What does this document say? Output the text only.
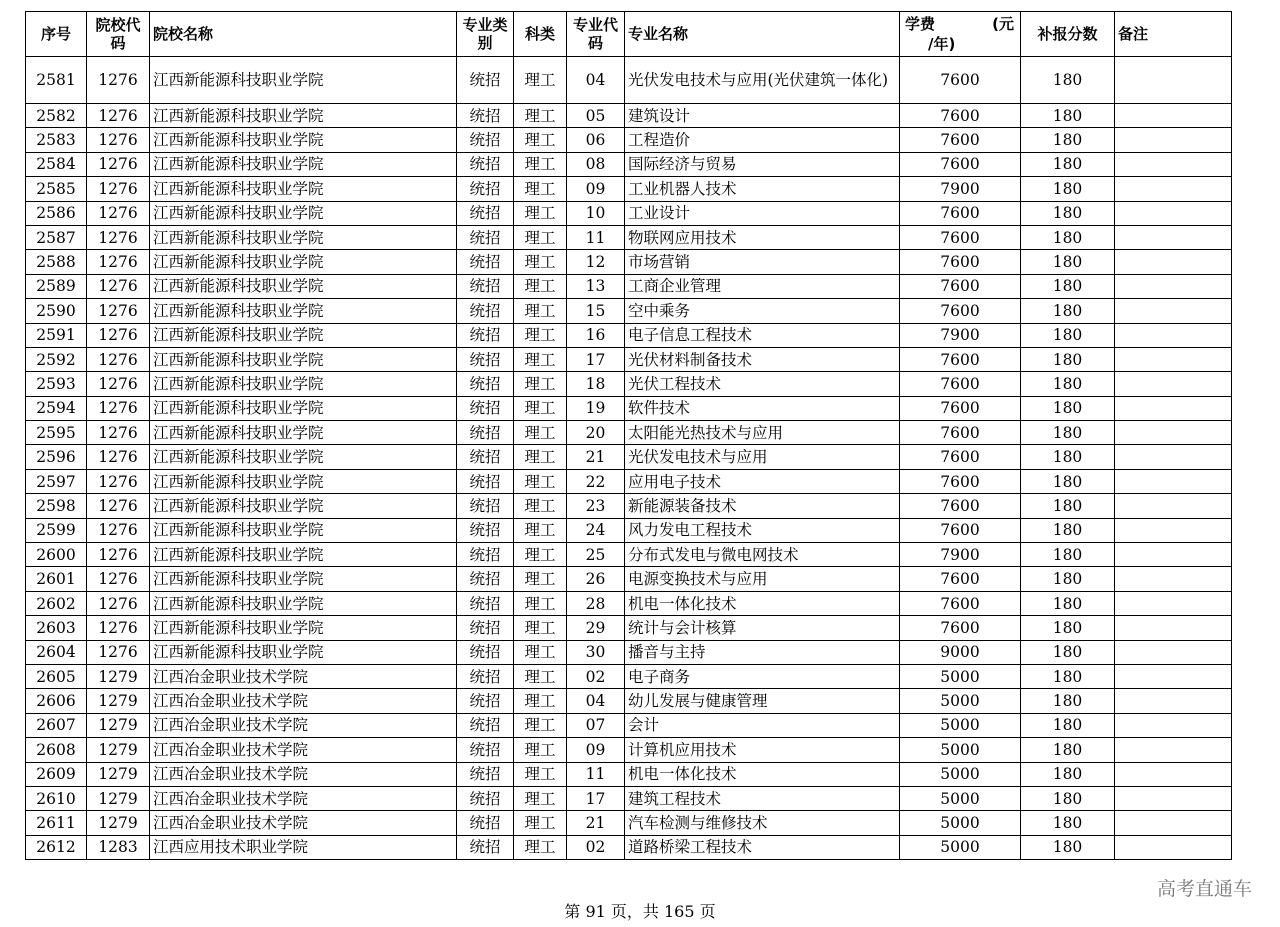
序号	院校代码	院校名称	专业类别	科类	专业代码	专业名称	学费 (元
/年)	补报分数	备注
2581	1276	江西新能源科技职业学院	统招	理工	04	光伏发电技术与应用(光伏建筑一体化)	7600	180	
2582	1276	江西新能源科技职业学院	统招	理工	05	建筑设计	7600	180	
2583	1276	江西新能源科技职业学院	统招	理工	06	工程造价	7600	180	
2584	1276	江西新能源科技职业学院	统招	理工	08	国际经济与贸易	7600	180	
2585	1276	江西新能源科技职业学院	统招	理工	09	工业机器人技术	7900	180	
2586	1276	江西新能源科技职业学院	统招	理工	10	工业设计	7600	180	
2587	1276	江西新能源科技职业学院	统招	理工	11	物联网应用技术	7600	180	
2588	1276	江西新能源科技职业学院	统招	理工	12	市场营销	7600	180	
2589	1276	江西新能源科技职业学院	统招	理工	13	工商企业管理	7600	180	
2590	1276	江西新能源科技职业学院	统招	理工	15	空中乘务	7600	180	
2591	1276	江西新能源科技职业学院	统招	理工	16	电子信息工程技术	7900	180	
2592	1276	江西新能源科技职业学院	统招	理工	17	光伏材料制备技术	7600	180	
2593	1276	江西新能源科技职业学院	统招	理工	18	光伏工程技术	7600	180	
2594	1276	江西新能源科技职业学院	统招	理工	19	软件技术	7600	180	
2595	1276	江西新能源科技职业学院	统招	理工	20	太阳能光热技术与应用	7600	180	
2596	1276	江西新能源科技职业学院	统招	理工	21	光伏发电技术与应用	7600	180	
2597	1276	江西新能源科技职业学院	统招	理工	22	应用电子技术	7600	180	
2598	1276	江西新能源科技职业学院	统招	理工	23	新能源装备技术	7600	180	
2599	1276	江西新能源科技职业学院	统招	理工	24	风力发电工程技术	7600	180	
2600	1276	江西新能源科技职业学院	统招	理工	25	分布式发电与微电网技术	7900	180	
2601	1276	江西新能源科技职业学院	统招	理工	26	电源变换技术与应用	7600	180	
2602	1276	江西新能源科技职业学院	统招	理工	28	机电一体化技术	7600	180	
2603	1276	江西新能源科技职业学院	统招	理工	29	统计与会计核算	7600	180	
2604	1276	江西新能源科技职业学院	统招	理工	30	播音与主持	9000	180	
2605	1279	江西冶金职业技术学院	统招	理工	02	电子商务	5000	180	
2606	1279	江西冶金职业技术学院	统招	理工	04	幼儿发展与健康管理	5000	180	
2607	1279	江西冶金职业技术学院	统招	理工	07	会计	5000	180	
2608	1279	江西冶金职业技术学院	统招	理工	09	计算机应用技术	5000	180	
2609	1279	江西冶金职业技术学院	统招	理工	11	机电一体化技术	5000	180	
2610	1279	江西冶金职业技术学院	统招	理工	17	建筑工程技术	5000	180	
2611	1279	江西冶金职业技术学院	统招	理工	21	汽车检测与维修技术	5000	180	
2612	1283	江西应用技术职业学院	统招	理工	02	道路桥梁工程技术	5000	180	
第 91 页，共 165 页
高考直通车
